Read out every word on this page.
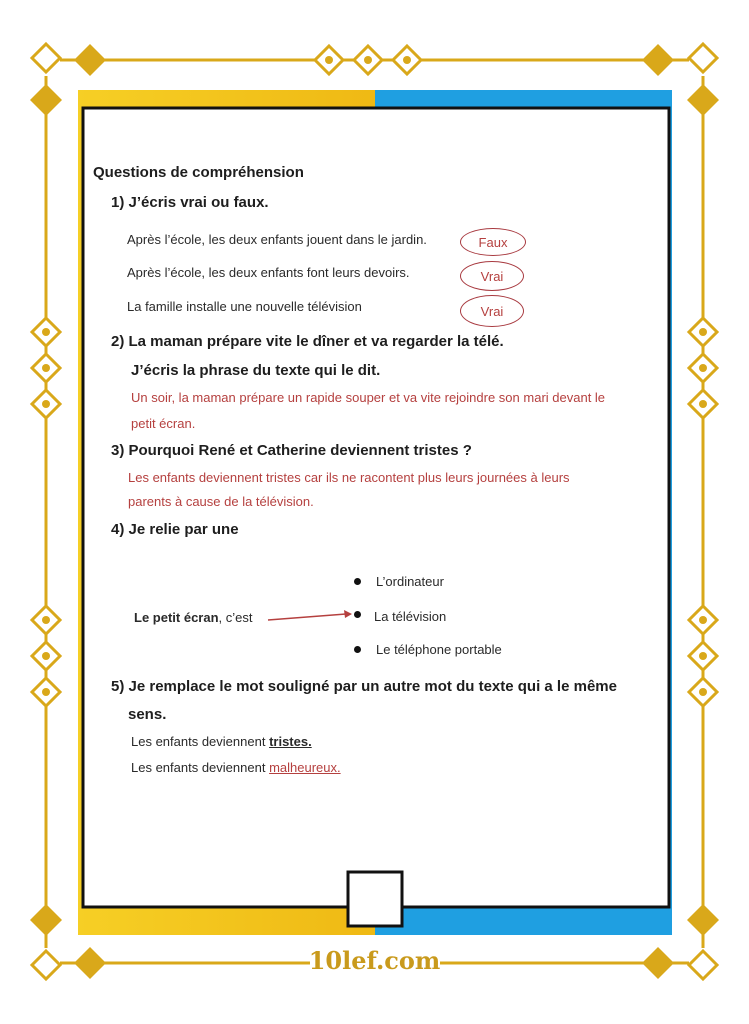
Questions de compréhension
1) J’écris vrai ou faux.
Après l’école, les deux enfants jouent dans le jardin.	Faux
Après l’école, les deux enfants font leurs devoirs.	Vrai
La famille installe une nouvelle télévision	Vrai
2) La maman prépare vite le dîner et va regarder la télé.
J’écris la phrase du texte qui le dit.
Un soir, la maman prépare un rapide souper et va vite rejoindre son mari devant le
petit écran.
3) Pourquoi René et Catherine deviennent tristes ?
Les enfants deviennent tristes car ils ne racontent plus leurs journées à leurs
parents à cause de la télévision.
4) Je relie par une
Le petit écran, c’est
L’ordinateur
La télévision
Le téléphone portable
5) Je remplace le mot souligné par un autre mot du texte qui a le même
sens.
Les enfants deviennent tristes.
Les enfants deviennent malheureux.
10lef.com
